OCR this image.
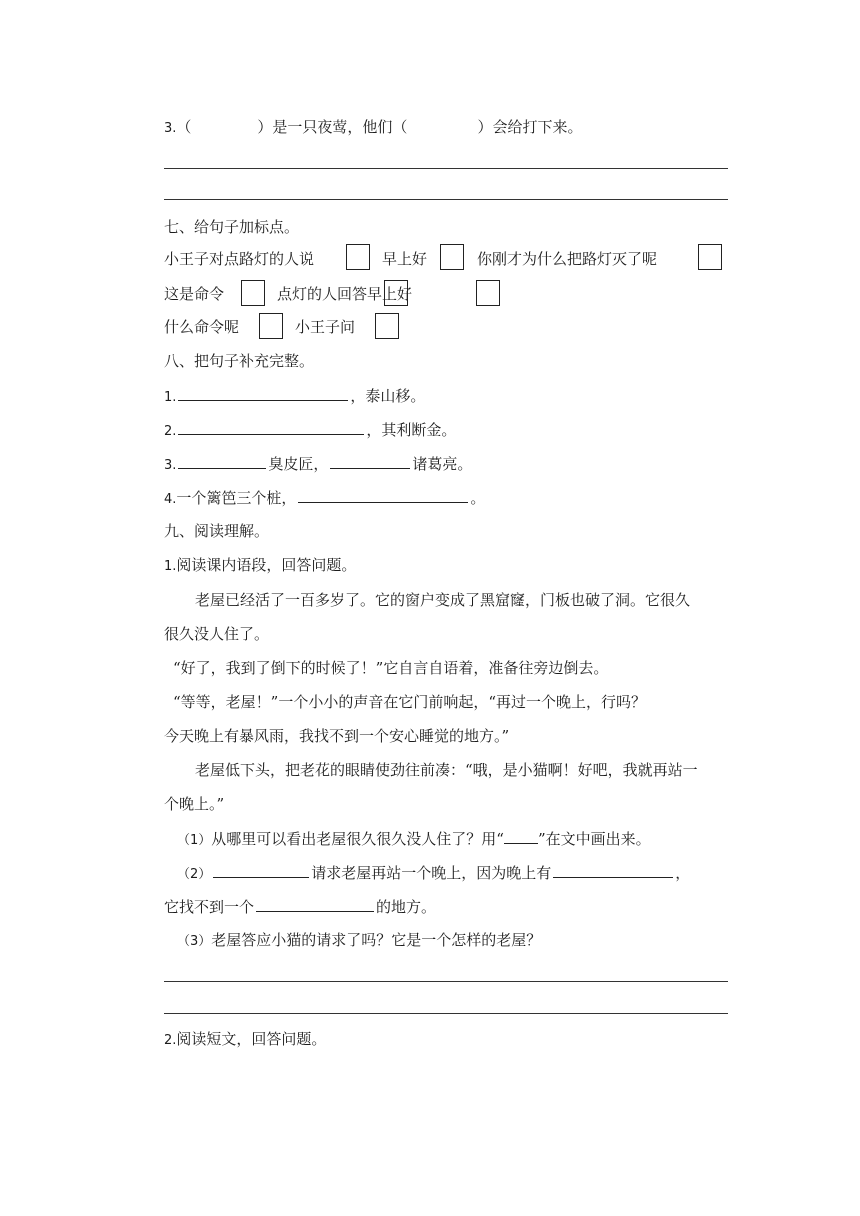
3.（	）是一只夜莺，他们（	）会给打下来。
七、给句子加标点。
小王子对点路灯的人说	早上好	你刚才为什么把路灯灭了呢
这是命令	点灯的人回答早上好
什么命令呢	小王子问
八、把句子补充完整。
1.	，泰山移。
2.	，其利断金。
3.	臭皮匠，	诸葛亮。
4.一个篱笆三个桩，	。
九、阅读理解。
1.阅读课内语段，回答问题。
老屋已经活了一百多岁了。它的窗户变成了黑窟窿，门板也破了洞。它很久
很久没人住了。
“好了，我到了倒下的时候了！”它自言自语着，准备往旁边倒去。
“等等，老屋！”一个小小的声音在它门前响起，“再过一个晚上，行吗？
今天晚上有暴风雨，我找不到一个安心睡觉的地方。”
老屋低下头，把老花的眼睛使劲往前凑：“哦，是小猫啊！好吧，我就再站一
个晚上。”
（1）从哪里可以看出老屋很久很久没人住了？用“ ”在文中画出来。
（2）	请求老屋再站一个晚上，因为晚上有	，
它找不到一个	的地方。
（3）老屋答应小猫的请求了吗？它是一个怎样的老屋？
2.阅读短文，回答问题。
